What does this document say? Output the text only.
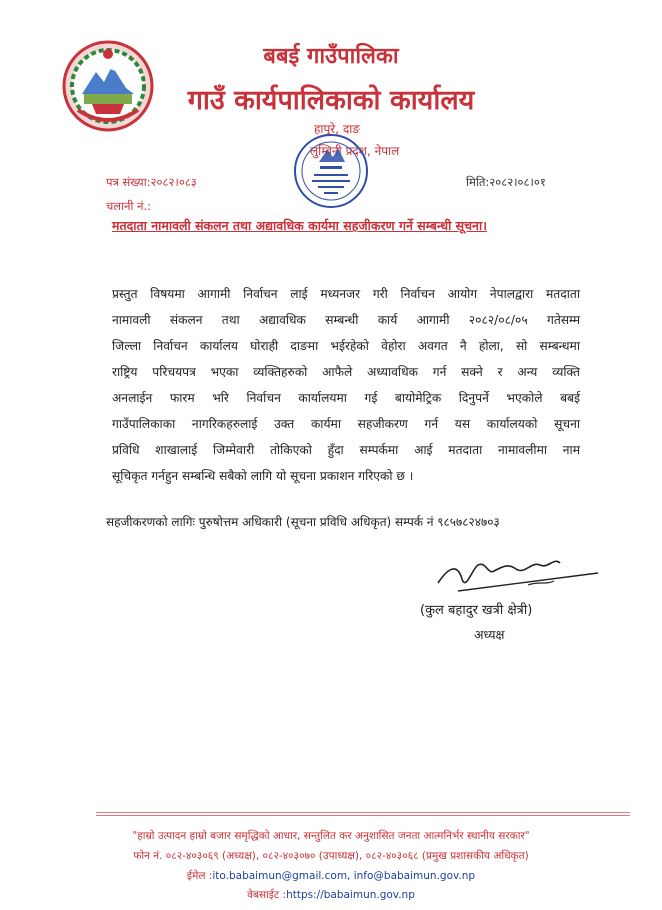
बबई गाउँपालिका
गाउँ कार्यपालिकाको कार्यालय
हापुरे, दाङ
लुम्बिनी प्रदेश, नेपाल
पत्र संख्या:२०८२।०८३
चलानी नं.:
मिति:२०८२।०८।०१
मतदाता नामावली संकलन तथा अद्यावधिक कार्यमा सहजीकरण गर्ने सम्बन्धी सूचना।
प्रस्तुत विषयमा आगामी निर्वाचन लाई मध्यनजर गरी निर्वाचन आयोग नेपालद्वारा मतदाता
नामावली संकलन तथा अद्यावधिक सम्बन्धी कार्य आगामी २०८२/०८/०५ गतेसम्म
जिल्ला निर्वाचन कार्यालय घोराही दाङमा भईरहेको वेहोरा अवगत नै होला, सो सम्बन्धमा
राष्ट्रिय परिचयपत्र भएका व्यक्तिहरुको आफैले अध्यावधिक गर्न सक्ने र अन्य व्यक्ति
अनलाईन फारम भरि निर्वाचन कार्यालयमा गई बायोमेट्रिक दिनुपर्ने भएकोले बबई
गाउँपालिकाका नागरिकहरुलाई उक्त कार्यमा सहजीकरण गर्न यस कार्यालयको सूचना
प्रविधि शाखालाई जिम्मेवारी तोकिएको हुँदा सम्पर्कमा आई मतदाता नामावलीमा नाम
सूचिकृत गर्नहुन सम्बन्धि सबैको लागि यो सूचना प्रकाशन गरिएको छ ।
सहजीकरणको लागिः पुरुषोत्तम अधिकारी (सूचना प्रविधि अधिकृत) सम्पर्क नं ९८५७८२४७०३
(कुल बहादुर खत्री क्षेत्री)
अध्यक्ष
"हाम्रो उत्पादन हाम्रो बजार समृद्धिको आधार, सन्तुलित कर अनुशासित जनता आत्मनिर्भर स्थानीय सरकार"
फोन नं. ०८२-४०३०६९ (अध्यक्ष), ०८२-४०३०७० (उपाध्यक्ष), ०८२-४०३०६८ (प्रमुख प्रशासकीय अधिकृत)
ईमेल :ito.babaimun@gmail.com, info@babaimun.gov.np
वेबसाईट :https://babaimun.gov.np
